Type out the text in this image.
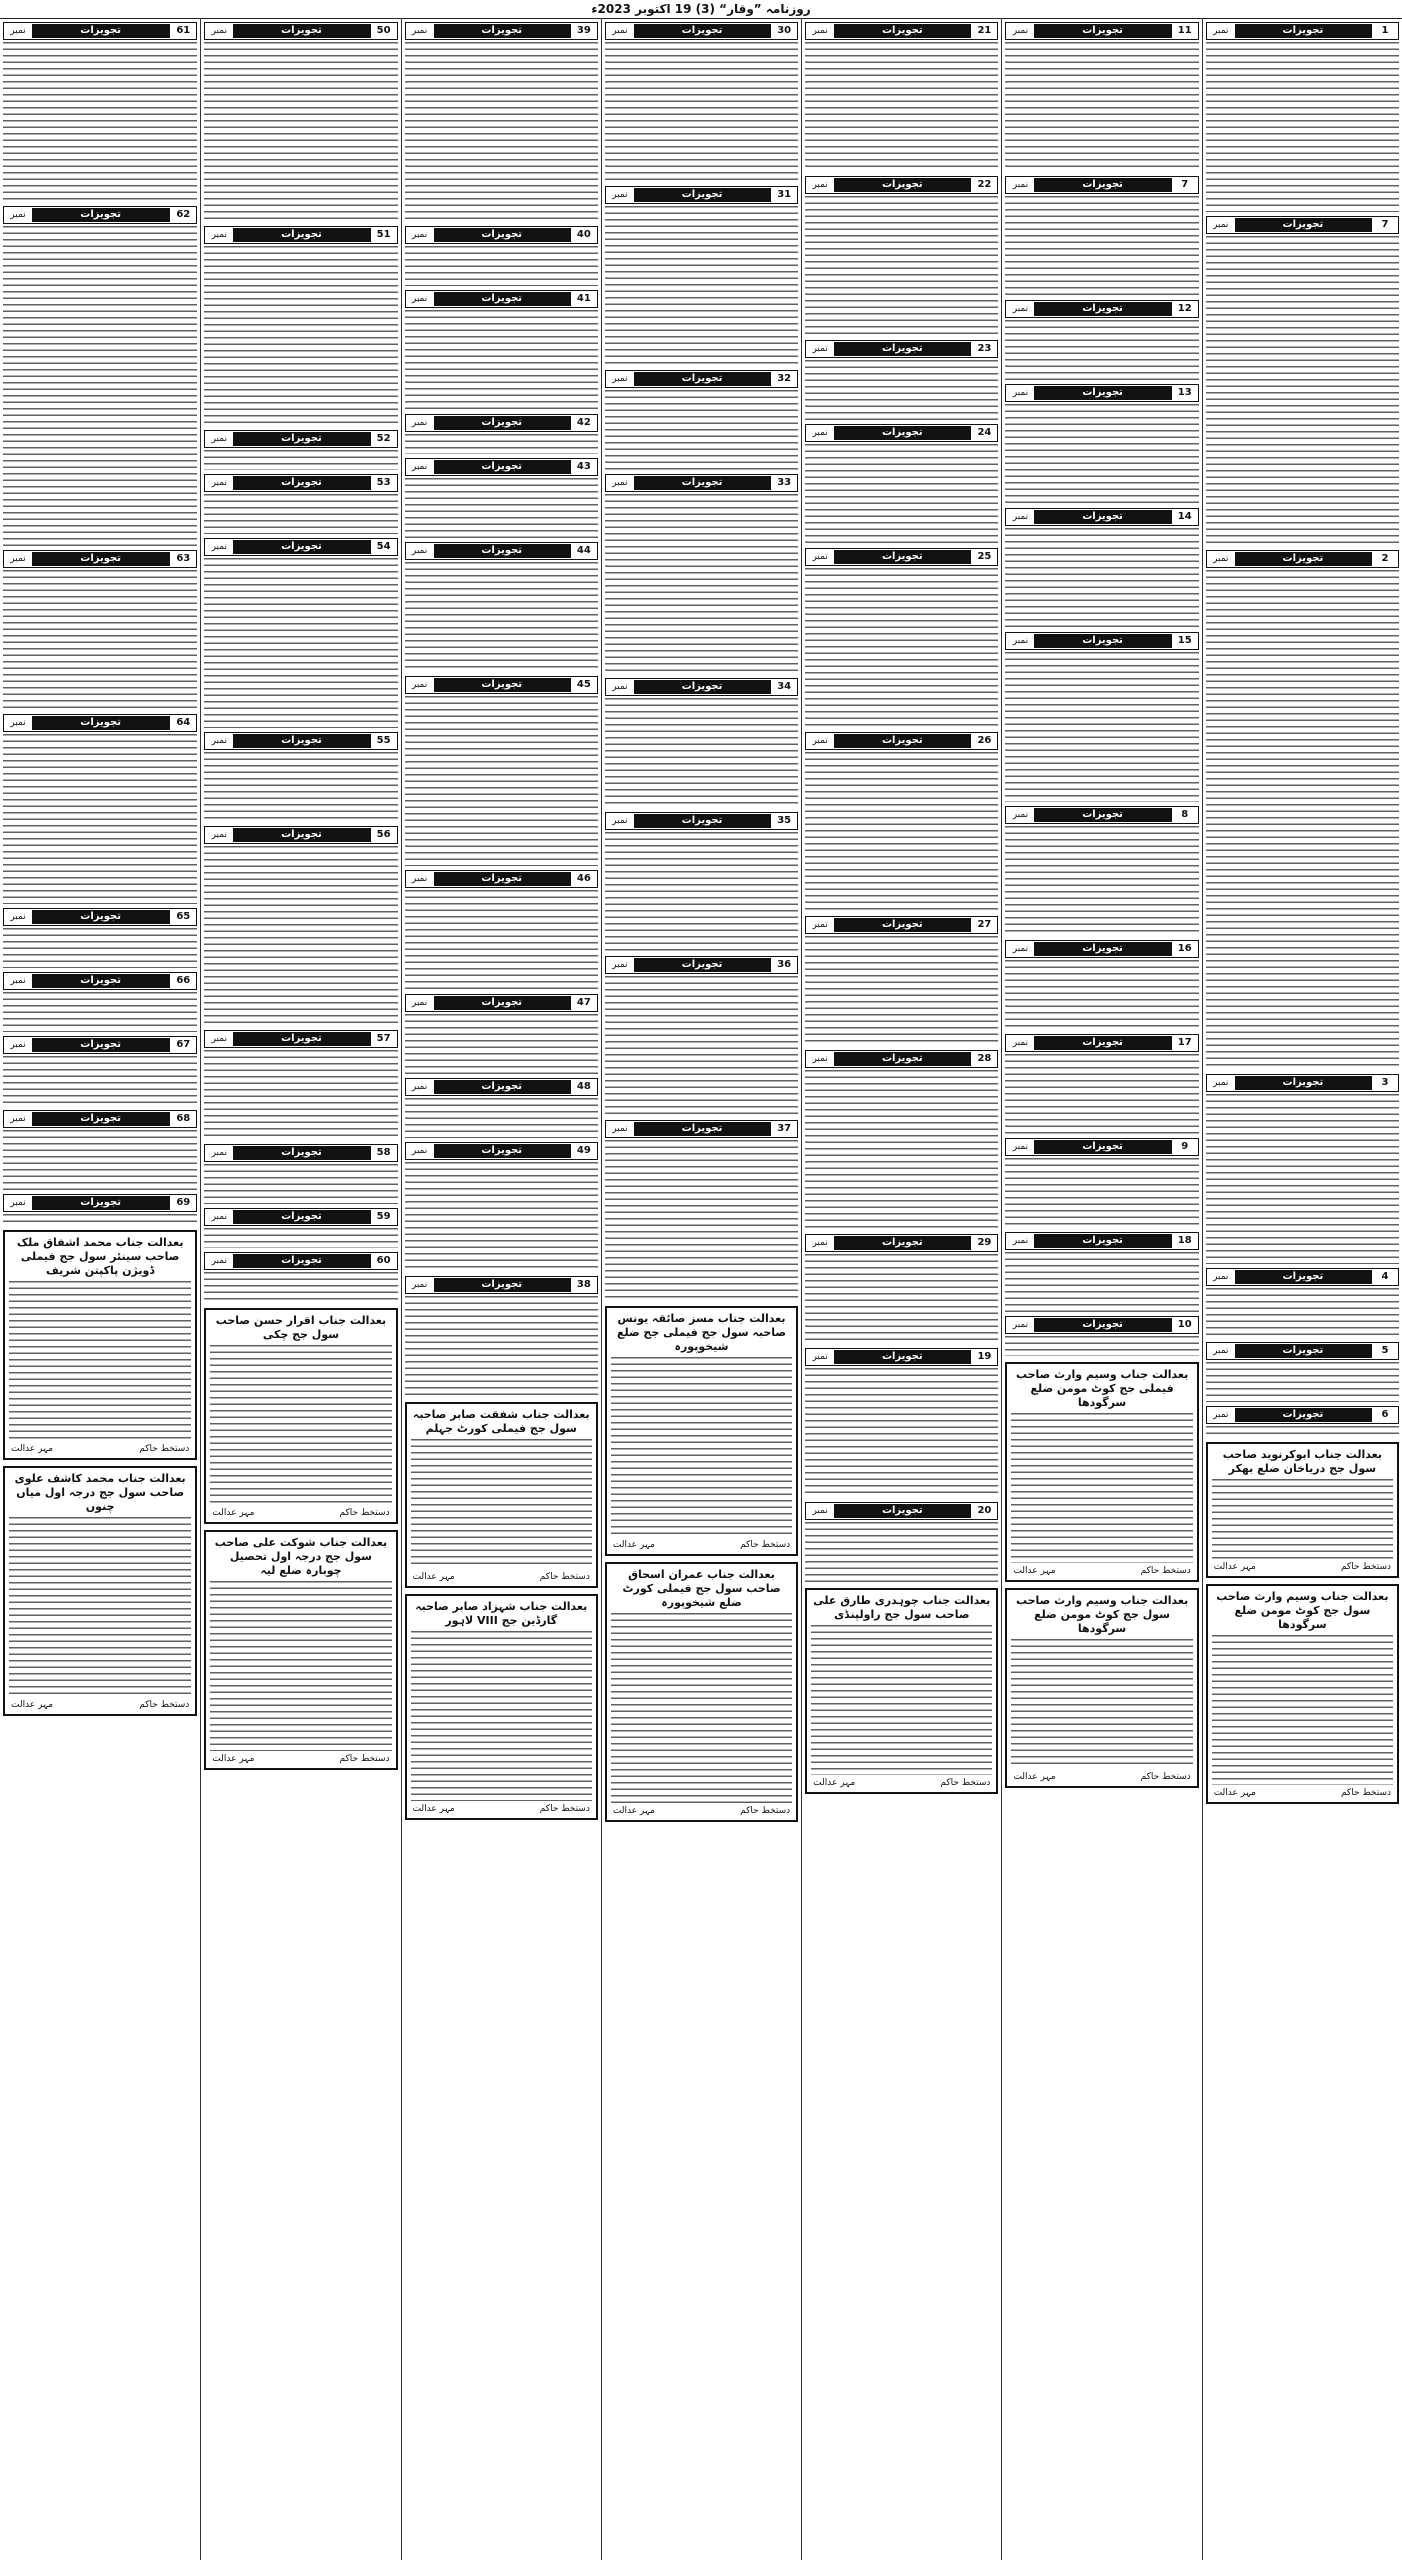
روزنامہ ”وقار“ (3) 19 اکتوبر 2023ء
1
تجویزات
نمبر
7
تجویزات
نمبر
2
تجویزات
نمبر
3
تجویزات
نمبر
4
تجویزات
نمبر
5
تجویزات
نمبر
6
تجویزات
نمبر
بعدالت جناب ابوکرنوید صاحب سول جج دریاخان ضلع بھکر
دستخط حاکم
مہر عدالت
بعدالت جناب وسیم وارث صاحب سول جج کوٹ مومن ضلع سرگودھا
دستخط حاکم
مہر عدالت
11
تجویزات
نمبر
7
تجویزات
نمبر
12
تجویزات
نمبر
13
تجویزات
نمبر
14
تجویزات
نمبر
15
تجویزات
نمبر
8
تجویزات
نمبر
16
تجویزات
نمبر
17
تجویزات
نمبر
9
تجویزات
نمبر
18
تجویزات
نمبر
10
تجویزات
نمبر
بعدالت جناب وسیم وارث صاحب فیملی جج کوٹ مومن ضلع سرگودھا
دستخط حاکم
مہر عدالت
بعدالت جناب وسیم وارث صاحب سول جج کوٹ مومن ضلع سرگودھا
دستخط حاکم
مہر عدالت
21
تجویزات
نمبر
22
تجویزات
نمبر
23
تجویزات
نمبر
24
تجویزات
نمبر
25
تجویزات
نمبر
26
تجویزات
نمبر
27
تجویزات
نمبر
28
تجویزات
نمبر
29
تجویزات
نمبر
19
تجویزات
نمبر
20
تجویزات
نمبر
بعدالت جناب چوہدری طارق علی صاحب سول جج راولپنڈی
دستخط حاکم
مہر عدالت
30
تجویزات
نمبر
31
تجویزات
نمبر
32
تجویزات
نمبر
33
تجویزات
نمبر
34
تجویزات
نمبر
35
تجویزات
نمبر
36
تجویزات
نمبر
37
تجویزات
نمبر
بعدالت جناب مسز صائقہ یونس صاحبہ سول جج فیملی جج ضلع شیخوپورہ
دستخط حاکم
مہر عدالت
بعدالت جناب عمران اسحاق صاحب سول جج فیملی کورٹ ضلع شیخوپورہ
دستخط حاکم
مہر عدالت
39
تجویزات
نمبر
40
تجویزات
نمبر
41
تجویزات
نمبر
42
تجویزات
نمبر
43
تجویزات
نمبر
44
تجویزات
نمبر
45
تجویزات
نمبر
46
تجویزات
نمبر
47
تجویزات
نمبر
48
تجویزات
نمبر
49
تجویزات
نمبر
38
تجویزات
نمبر
بعدالت جناب شفقت صابر صاحبہ سول جج فیملی کورٹ جہلم
دستخط حاکم
مہر عدالت
بعدالت جناب شہزاد صابر صاحبہ گارڈین جج VIII لاہور
دستخط حاکم
مہر عدالت
50
تجویزات
نمبر
51
تجویزات
نمبر
52
تجویزات
نمبر
53
تجویزات
نمبر
54
تجویزات
نمبر
55
تجویزات
نمبر
56
تجویزات
نمبر
57
تجویزات
نمبر
58
تجویزات
نمبر
59
تجویزات
نمبر
60
تجویزات
نمبر
بعدالت جناب اقرار حسن صاحب سول جج چکی
دستخط حاکم
مہر عدالت
بعدالت جناب شوکت علی صاحب سول جج درجہ اول تحصیل چوبارہ ضلع لیہ
دستخط حاکم
مہر عدالت
61
تجویزات
نمبر
62
تجویزات
نمبر
63
تجویزات
نمبر
64
تجویزات
نمبر
65
تجویزات
نمبر
66
تجویزات
نمبر
67
تجویزات
نمبر
68
تجویزات
نمبر
69
تجویزات
نمبر
بعدالت جناب محمد اشفاق ملک صاحب سینئر سول جج فیملی ڈویژن پاکپتن شریف
دستخط حاکم
مہر عدالت
بعدالت جناب محمد کاشف علوی صاحب سول جج درجہ اول میاں چنوں
دستخط حاکم
مہر عدالت
